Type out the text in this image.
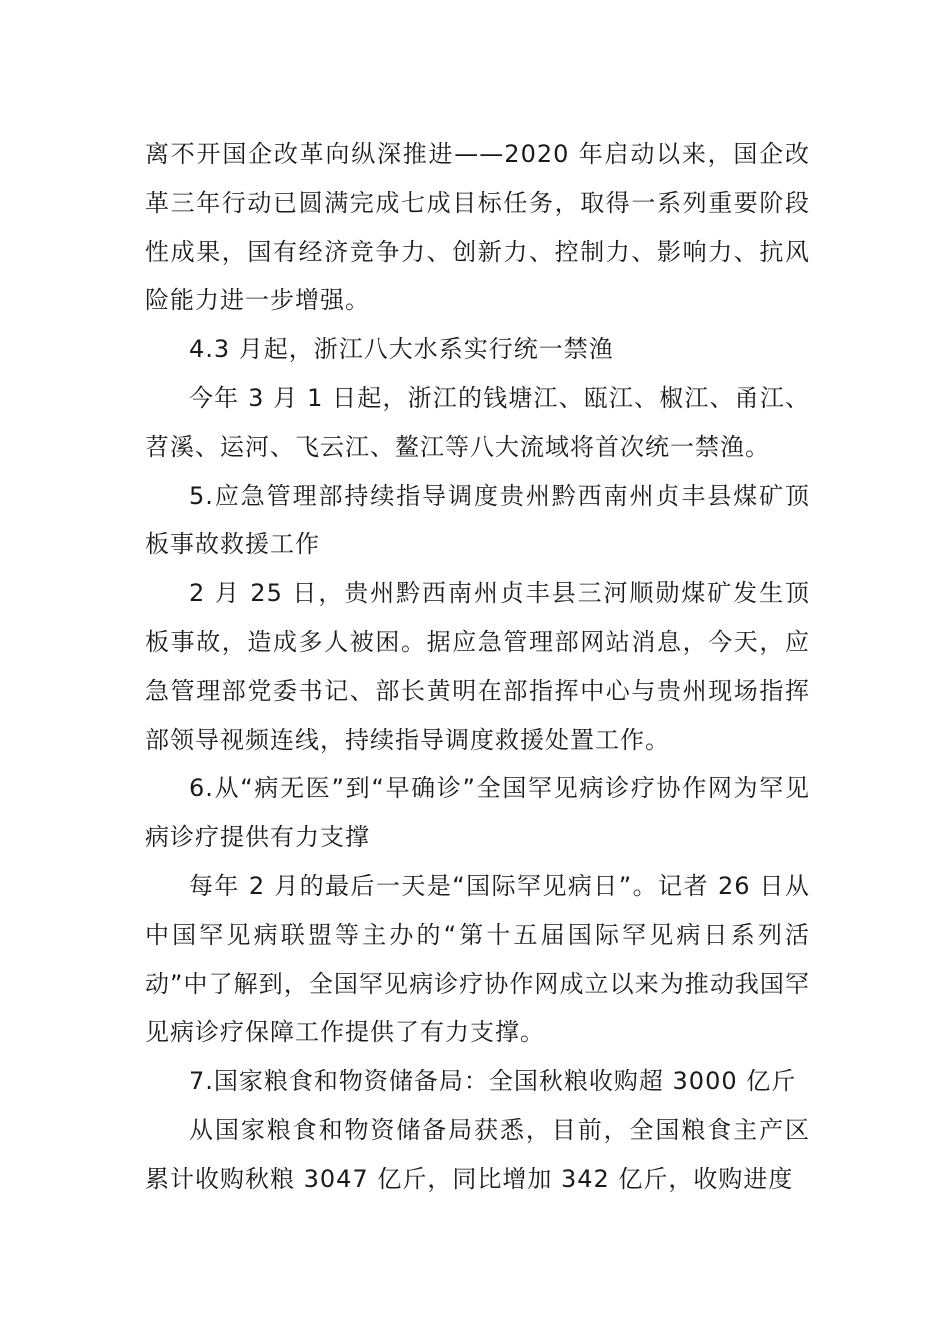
离不开国企改革向纵深推进——2020 年启动以来，国企改革三年行动已圆满完成七成目标任务，取得一系列重要阶段性成果，国有经济竞争力、创新力、控制力、影响力、抗风险能力进一步增强。

4.3 月起，浙江八大水系实行统一禁渔

今年 3 月 1 日起，浙江的钱塘江、瓯江、椒江、甬江、苕溪、运河、飞云江、鳌江等八大流域将首次统一禁渔。

5.应急管理部持续指导调度贵州黔西南州贞丰县煤矿顶板事故救援工作

2 月 25 日，贵州黔西南州贞丰县三河顺勋煤矿发生顶板事故，造成多人被困。据应急管理部网站消息，今天，应急管理部党委书记、部长黄明在部指挥中心与贵州现场指挥部领导视频连线，持续指导调度救援处置工作。

6.从“病无医”到“早确诊”全国罕见病诊疗协作网为罕见病诊疗提供有力支撑

每年 2 月的最后一天是“国际罕见病日”。记者 26 日从中国罕见病联盟等主办的“第十五届国际罕见病日系列活动”中了解到，全国罕见病诊疗协作网成立以来为推动我国罕见病诊疗保障工作提供了有力支撑。

7.国家粮食和物资储备局：全国秋粮收购超 3000 亿斤

从国家粮食和物资储备局获悉，目前，全国粮食主产区累计收购秋粮 3047 亿斤，同比增加 342 亿斤，收购进度
